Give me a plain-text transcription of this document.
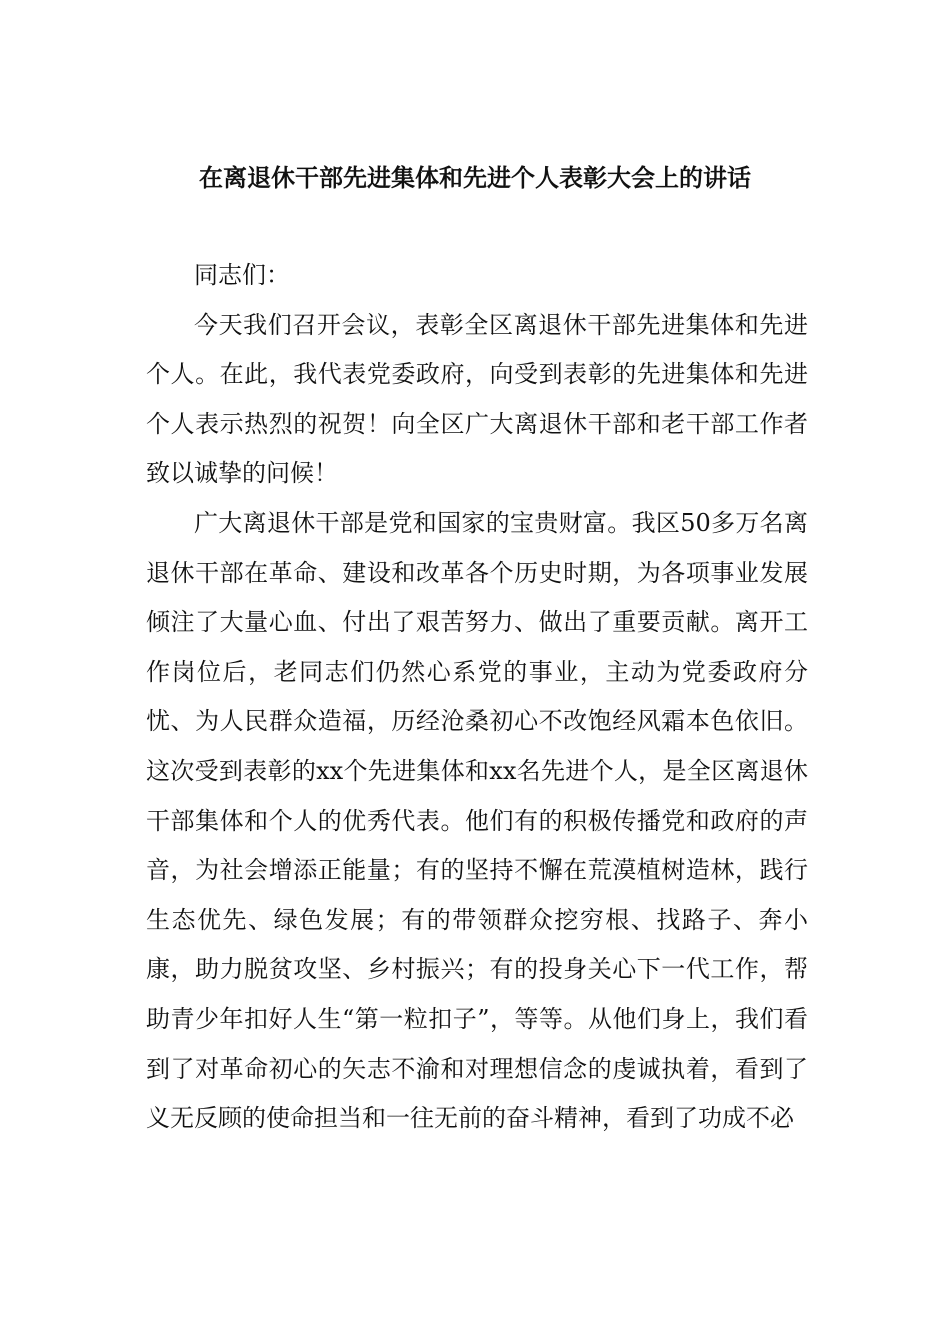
在离退休干部先进集体和先进个人表彰大会上的讲话

同志们：

今天我们召开会议，表彰全区离退休干部先进集体和先进个人。在此，我代表党委政府，向受到表彰的先进集体和先进个人表示热烈的祝贺！向全区广大离退休干部和老干部工作者致以诚挚的问候！

广大离退休干部是党和国家的宝贵财富。我区50多万名离退休干部在革命、建设和改革各个历史时期，为各项事业发展倾注了大量心血、付出了艰苦努力、做出了重要贡献。离开工作岗位后，老同志们仍然心系党的事业，主动为党委政府分忧、为人民群众造福，历经沧桑初心不改饱经风霜本色依旧。这次受到表彰的xx个先进集体和xx名先进个人，是全区离退休干部集体和个人的优秀代表。他们有的积极传播党和政府的声音，为社会增添正能量；有的坚持不懈在荒漠植树造林，践行生态优先、绿色发展；有的带领群众挖穷根、找路子、奔小康，助力脱贫攻坚、乡村振兴；有的投身关心下一代工作，帮助青少年扣好人生“第一粒扣子”，等等。从他们身上，我们看到了对革命初心的矢志不渝和对理想信念的虔诚执着，看到了义无反顾的使命担当和一往无前的奋斗精神，看到了功成不必
